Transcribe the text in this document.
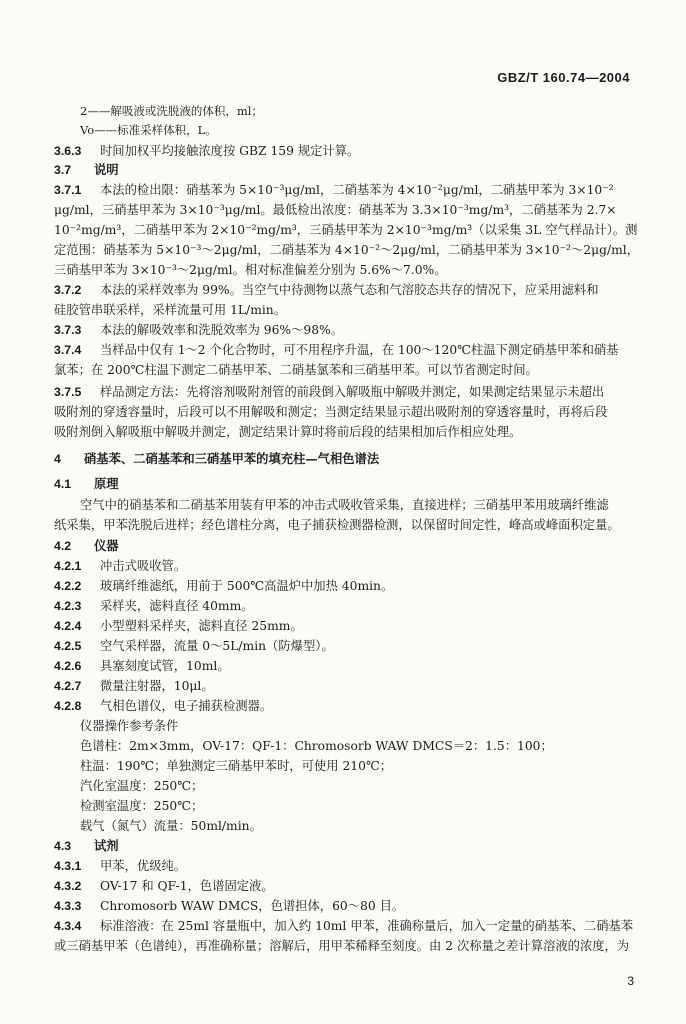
GBZ/T 160.74—2004
2——解吸液或洗脱液的体积，ml；
Vo——标准采样体积，L。
3.6.3 时间加权平均接触浓度按 GBZ 159 规定计算。
3.7 说明
3.7.1 本法的检出限：硝基苯为 5×10⁻³μg/ml，二硝基苯为 4×10⁻²μg/ml，二硝基甲苯为 3×10⁻²
μg/ml，三硝基甲苯为 3×10⁻³μg/ml。最低检出浓度：硝基苯为 3.3×10⁻³mg/m³，二硝基苯为 2.7×
10⁻²mg/m³，二硝基甲苯为 2×10⁻²mg/m³，三硝基甲苯为 2×10⁻³mg/m³（以采集 3L 空气样品计）。测
定范围：硝基苯为 5×10⁻³～2μg/ml，二硝基苯为 4×10⁻²～2μg/ml，二硝基甲苯为 3×10⁻²～2μg/ml，
三硝基甲苯为 3×10⁻³～2μg/ml。相对标准偏差分别为 5.6%～7.0%。
3.7.2 本法的采样效率为 99%。当空气中待测物以蒸气态和气溶胶态共存的情况下，应采用滤料和
硅胶管串联采样，采样流量可用 1L/min。
3.7.3 本法的解吸效率和洗脱效率为 96%～98%。
3.7.4 当样品中仅有 1～2 个化合物时，可不用程序升温，在 100～120℃柱温下测定硝基甲苯和硝基
氯苯；在 200℃柱温下测定二硝基甲苯、二硝基氯苯和三硝基甲苯。可以节省测定时间。
3.7.5 样品测定方法：先将溶剂吸附剂管的前段倒入解吸瓶中解吸并测定，如果测定结果显示未超出
吸附剂的穿透容量时，后段可以不用解吸和测定；当测定结果显示超出吸附剂的穿透容量时，再将后段
吸附剂倒入解吸瓶中解吸并测定，测定结果计算时将前后段的结果相加后作相应处理。
4 硝基苯、二硝基苯和三硝基甲苯的填充柱—气相色谱法
4.1 原理
空气中的硝基苯和二硝基苯用装有甲苯的冲击式吸收管采集，直接进样；三硝基甲苯用玻璃纤维滤
纸采集，甲苯洗脱后进样；经色谱柱分离，电子捕获检测器检测，以保留时间定性，峰高或峰面积定量。
4.2 仪器
4.2.1 冲击式吸收管。
4.2.2 玻璃纤维滤纸，用前于 500℃高温炉中加热 40min。
4.2.3 采样夹，滤料直径 40mm。
4.2.4 小型塑料采样夹，滤料直径 25mm。
4.2.5 空气采样器，流量 0～5L/min（防爆型）。
4.2.6 具塞刻度试管，10ml。
4.2.7 微量注射器，10μl。
4.2.8 气相色谱仪，电子捕获检测器。
仪器操作参考条件
色谱柱：2m×3mm，OV-17：QF-1：Chromosorb WAW DMCS＝2：1.5：100；
柱温：190℃；单独测定三硝基甲苯时，可使用 210℃；
汽化室温度：250℃；
检测室温度：250℃；
载气（氮气）流量：50ml/min。
4.3 试剂
4.3.1 甲苯，优级纯。
4.3.2 OV-17 和 QF-1，色谱固定液。
4.3.3 Chromosorb WAW DMCS，色谱担体，60～80 目。
4.3.4 标准溶液：在 25ml 容量瓶中，加入约 10ml 甲苯，准确称量后，加入一定量的硝基苯、二硝基苯
或三硝基甲苯（色谱纯），再准确称量；溶解后，用甲苯稀释至刻度。由 2 次称量之差计算溶液的浓度，为
3
